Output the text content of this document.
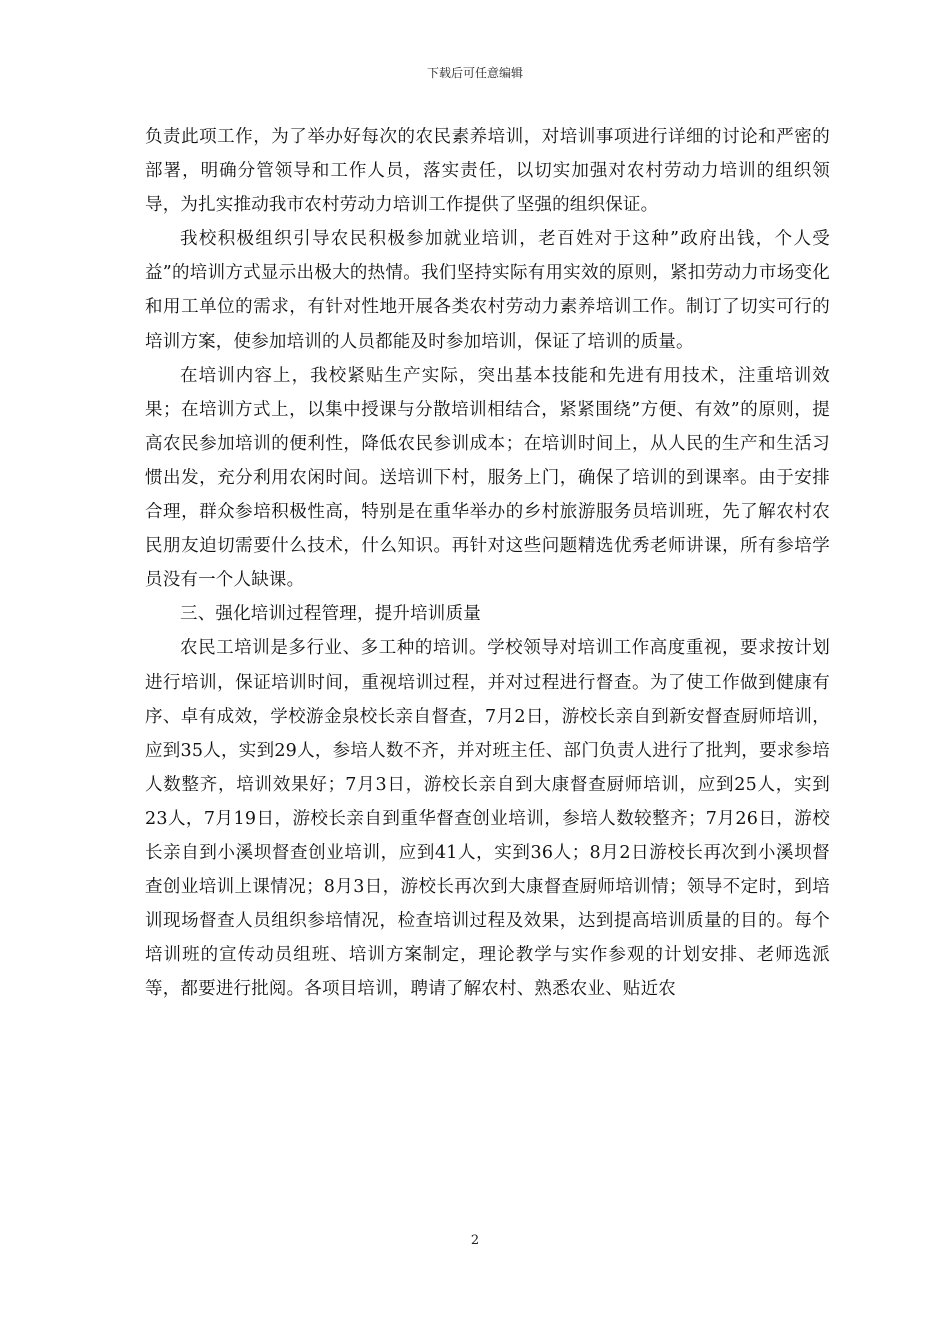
下载后可任意编辑

负责此项工作，为了举办好每次的农民素养培训，对培训事项进行详细的讨论和严密的部署，明确分管领导和工作人员，落实责任，以切实加强对农村劳动力培训的组织领导，为扎实推动我市农村劳动力培训工作提供了坚强的组织保证。

我校积极组织引导农民积极参加就业培训，老百姓对于这种”政府出钱，个人受益”的培训方式显示出极大的热情。我们坚持实际有用实效的原则，紧扣劳动力市场变化和用工单位的需求，有针对性地开展各类农村劳动力素养培训工作。制订了切实可行的培训方案，使参加培训的人员都能及时参加培训，保证了培训的质量。

在培训内容上，我校紧贴生产实际，突出基本技能和先进有用技术，注重培训效果；在培训方式上，以集中授课与分散培训相结合，紧紧围绕”方便、有效”的原则，提高农民参加培训的便利性，降低农民参训成本；在培训时间上，从人民的生产和生活习惯出发，充分利用农闲时间。送培训下村，服务上门，确保了培训的到课率。由于安排合理，群众参培积极性高，特别是在重华举办的乡村旅游服务员培训班，先了解农村农民朋友迫切需要什么技术，什么知识。再针对这些问题精选优秀老师讲课，所有参培学员没有一个人缺课。

三、强化培训过程管理，提升培训质量

农民工培训是多行业、多工种的培训。学校领导对培训工作高度重视，要求按计划进行培训，保证培训时间，重视培训过程，并对过程进行督查。为了使工作做到健康有序、卓有成效，学校游金泉校长亲自督查，7月2日，游校长亲自到新安督查厨师培训，应到35人，实到29人，参培人数不齐，并对班主任、部门负责人进行了批判，要求参培人数整齐，培训效果好；7月3日，游校长亲自到大康督查厨师培训，应到25人，实到23人，7月19日，游校长亲自到重华督查创业培训，参培人数较整齐；7月26日，游校长亲自到小溪坝督查创业培训，应到41人，实到36人；8月2日游校长再次到小溪坝督查创业培训上课情况；8月3日，游校长再次到大康督查厨师培训情；领导不定时，到培训现场督查人员组织参培情况，检查培训过程及效果，达到提高培训质量的目的。每个培训班的宣传动员组班、培训方案制定，理论教学与实作参观的计划安排、老师选派等，都要进行批阅。各项目培训，聘请了解农村、熟悉农业、贴近农

2
